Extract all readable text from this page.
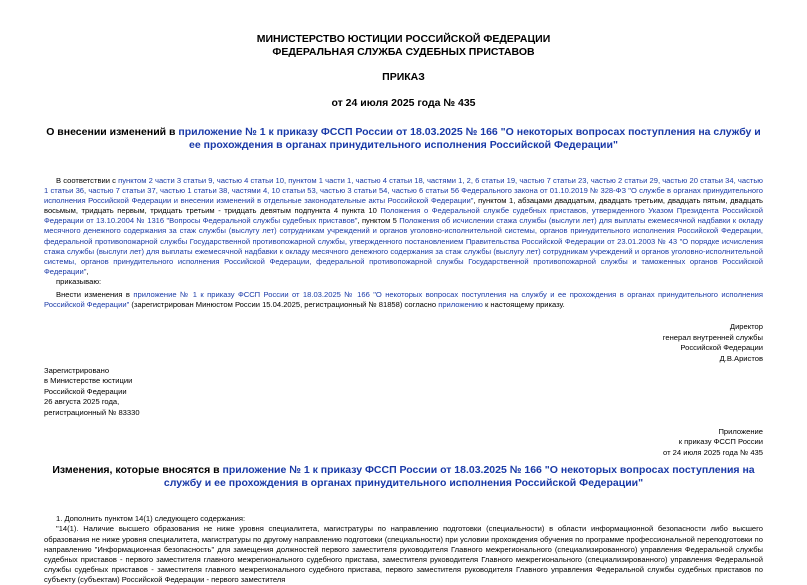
МИНИСТЕРСТВО ЮСТИЦИИ РОССИЙСКОЙ ФЕДЕРАЦИИ
ФЕДЕРАЛЬНАЯ СЛУЖБА СУДЕБНЫХ ПРИСТАВОВ
ПРИКАЗ
от 24 июля 2025 года № 435
О внесении изменений в приложение № 1 к приказу ФССП России от 18.03.2025 № 166 "О некоторых вопросах поступления на службу и ее прохождения в органах принудительного исполнения Российской Федерации"

В соответствии с пунктом 2 части 3 статьи 9, частью 4 статьи 10, пунктом 1 части 1, частью 4 статьи 18, частями 1, 2, 6 статьи 19, частью 7 статьи 23, частью 2 статьи 29, частью 20 статьи 34, частью 1 статьи 36, частью 7 статьи 37, частью 1 статьи 38, частями 4, 10 статьи 53, частью 3 статьи 54, частью 6 статьи 56 Федерального закона от 01.10.2019 № 328-ФЗ "О службе в органах принудительного исполнения Российской Федерации и внесении изменений в отдельные законодательные акты Российской Федерации", пунктом 1, абзацами двадцатым, двадцать третьим, двадцать пятым, двадцать восьмым, тридцать первым, тридцать третьим - тридцать девятым подпункта 4 пункта 10 Положения о Федеральной службе судебных приставов, утвержденного Указом Президента Российской Федерации от 13.10.2004 № 1316 "Вопросы Федеральной службы судебных приставов", пунктом 5 Положения об исчислении стажа службы (выслуги лет) для выплаты ежемесячной надбавки к окладу месячного денежного содержания за стаж службы (выслугу лет) сотрудникам учреждений и органов уголовно-исполнительной системы, органов принудительного исполнения Российской Федерации, федеральной противопожарной службы Государственной противопожарной службы, утвержденного постановлением Правительства Российской Федерации от 23.01.2003 № 43 "О порядке исчисления стажа службы (выслуги лет) для выплаты ежемесячной надбавки к окладу месячного денежного содержания за стаж службы (выслугу лет) сотрудникам учреждений и органов уголовно-исполнительной системы, органов принудительного исполнения Российской Федерации, федеральной противопожарной службы Государственной противопожарной службы и таможенных органов Российской Федерации",

приказываю:

Внести изменения в приложение № 1 к приказу ФССП России от 18.03.2025 № 166 "О некоторых вопросах поступления на службу и ее прохождения в органах принудительного исполнения Российской Федерации" (зарегистрирован Минюстом России 15.04.2025, регистрационный № 81858) согласно приложению к настоящему приказу.

Директор
генерал внутренней службы
Российской Федерации
Д.В.Аристов
Зарегистрировано
в Министерстве юстиции
Российской Федерации
26 августа 2025 года,
регистрационный № 83330
Приложение
к приказу ФССП России
от 24 июля 2025 года № 435
Изменения, которые вносятся в приложение № 1 к приказу ФССП России от 18.03.2025 № 166 "О некоторых вопросах поступления на службу и ее прохождения в органах принудительного исполнения Российской Федерации"

1. Дополнить пунктом 14(1) следующего содержания:

"14(1). Наличие высшего образования не ниже уровня специалитета, магистратуры по направлению подготовки (специальности) в области информационной безопасности либо высшего образования не ниже уровня специалитета, магистратуры по другому направлению подготовки (специальности) при условии прохождения обучения по программе профессиональной переподготовки по направлению "Информационная безопасность" для замещения должностей первого заместителя руководителя Главного межрегионального (специализированного) управления Федеральной службы судебных приставов - первого заместителя главного межрегионального судебного пристава, заместителя руководителя Главного межрегионального (специализированного) управления Федеральной службы судебных приставов - заместителя главного межрегионального судебного пристава, первого заместителя руководителя Главного управления Федеральной службы судебных приставов по субъекту (субъектам) Российской Федерации - первого заместителя
